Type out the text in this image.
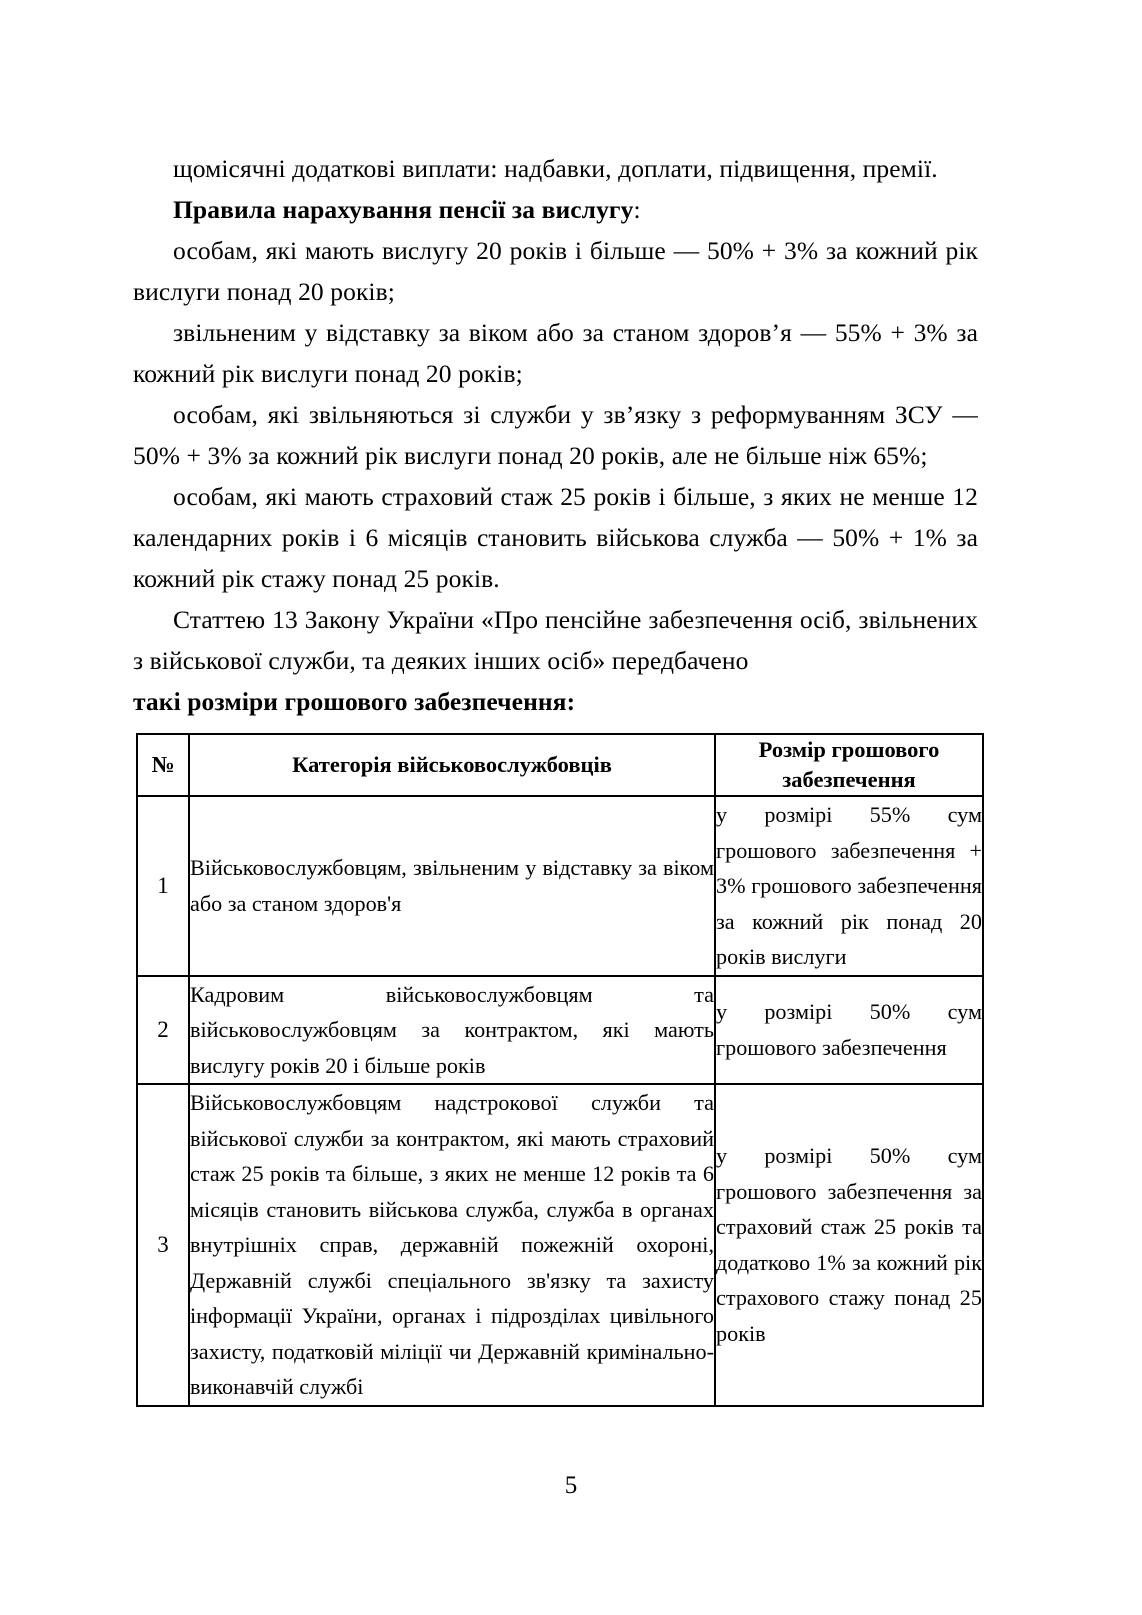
щомісячні додаткові виплати: надбавки, доплати, підвищення, премії.

Правила нарахування пенсії за вислугу:

особам, які мають вислугу 20 років і більше — 50% + 3% за кожний рік вислуги понад 20 років;

звільненим у відставку за віком або за станом здоров’я — 55% + 3% за кожний рік вислуги понад 20 років;

особам, які звільняються зі служби у зв’язку з реформуванням ЗСУ — 50% + 3% за кожний рік вислуги понад 20 років, але не більше ніж 65%;

особам, які мають страховий стаж 25 років і більше, з яких не менше 12 календарних років і 6 місяців становить військова служба — 50% + 1% за кожний рік стажу понад 25 років.

Статтею 13 Закону України «Про пенсійне забезпечення осіб, звільнених з військової служби, та деяких інших осіб» передбачено

такі розміри грошового забезпечення:

№	Категорія військовослужбовців	Розмір грошового забезпечення
1	Військовослужбовцям, звільненим у відставку за віком або за станом здоров'я	у розмірі 55% сум грошового забезпечення + 3% грошового забезпечення за кожний рік понад 20 років вислуги

2	Кадровим військовослужбовцям та військовослужбовцям за контрактом, які мають вислугу років 20 і більше років	у розмірі 50% сум грошового забезпечення

3	Військовослужбовцям надстрокової служби та військової служби за контрактом, які мають страховий стаж 25 років та більше, з яких не менше 12 років та 6 місяців становить військова служба, служба в органах внутрішніх справ, державній пожежній охороні, Державній службі спеціального зв'язку та захисту інформації України, органах і підрозділах цивільного захисту, податковій міліції чи Державній кримінально-виконавчій службі	у розмірі 50% сум грошового забезпечення за страховий стаж 25 років та додатково 1% за кожний рік страхового стажу понад 25 років
5
